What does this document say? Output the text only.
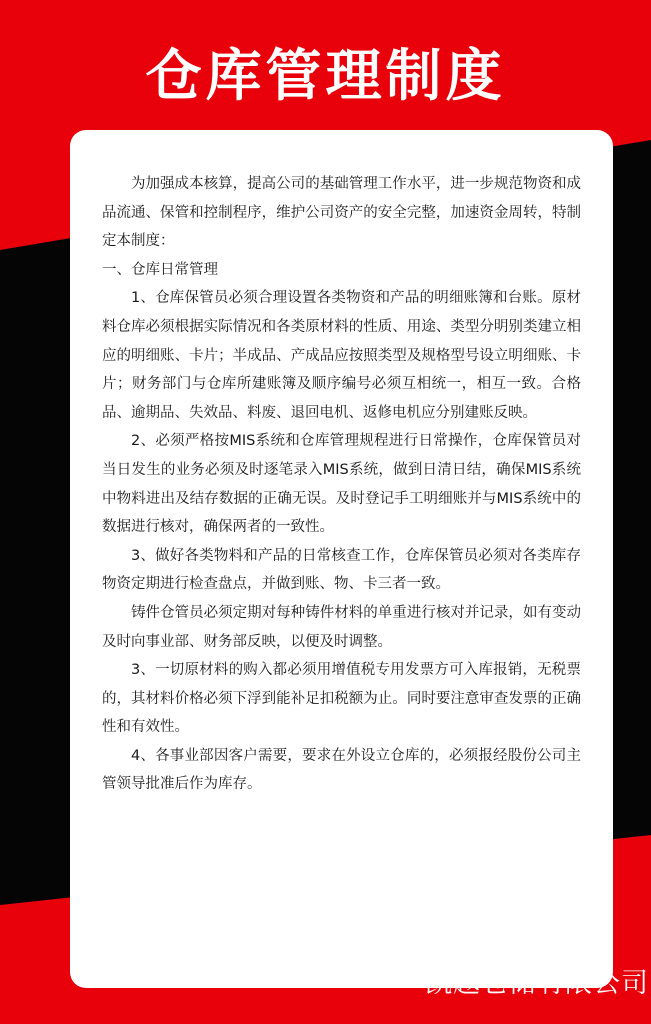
仓库管理制度

为加强成本核算，提高公司的基础管理工作水平，进一步规范物资和成品流通、保管和控制程序，维护公司资产的安全完整，加速资金周转，特制定本制度：

一、仓库日常管理

1、仓库保管员必须合理设置各类物资和产品的明细账簿和台账。原材料仓库必须根据实际情况和各类原材料的性质、用途、类型分明别类建立相应的明细账、卡片；半成品、产成品应按照类型及规格型号设立明细账、卡片；财务部门与仓库所建账簿及顺序编号必须互相统一，相互一致。合格品、逾期品、失效品、料废、退回电机、返修电机应分别建账反映。

2、必须严格按MIS系统和仓库管理规程进行日常操作，仓库保管员对当日发生的业务必须及时逐笔录入MIS系统，做到日清日结，确保MIS系统中物料进出及结存数据的正确无误。及时登记手工明细账并与MIS系统中的数据进行核对，确保两者的一致性。

3、做好各类物料和产品的日常核查工作，仓库保管员必须对各类库存物资定期进行检查盘点，并做到账、物、卡三者一致。

铸件仓管员必须定期对每种铸件材料的单重进行核对并记录，如有变动及时向事业部、财务部反映，以便及时调整。

3、一切原材料的购入都必须用增值税专用发票方可入库报销，无税票的，其材料价格必须下浮到能补足扣税额为止。同时要注意审查发票的正确性和有效性。

4、各事业部因客户需要，要求在外设立仓库的，必须报经股份公司主管领导批准后作为库存。

凯越仓储有限公司
